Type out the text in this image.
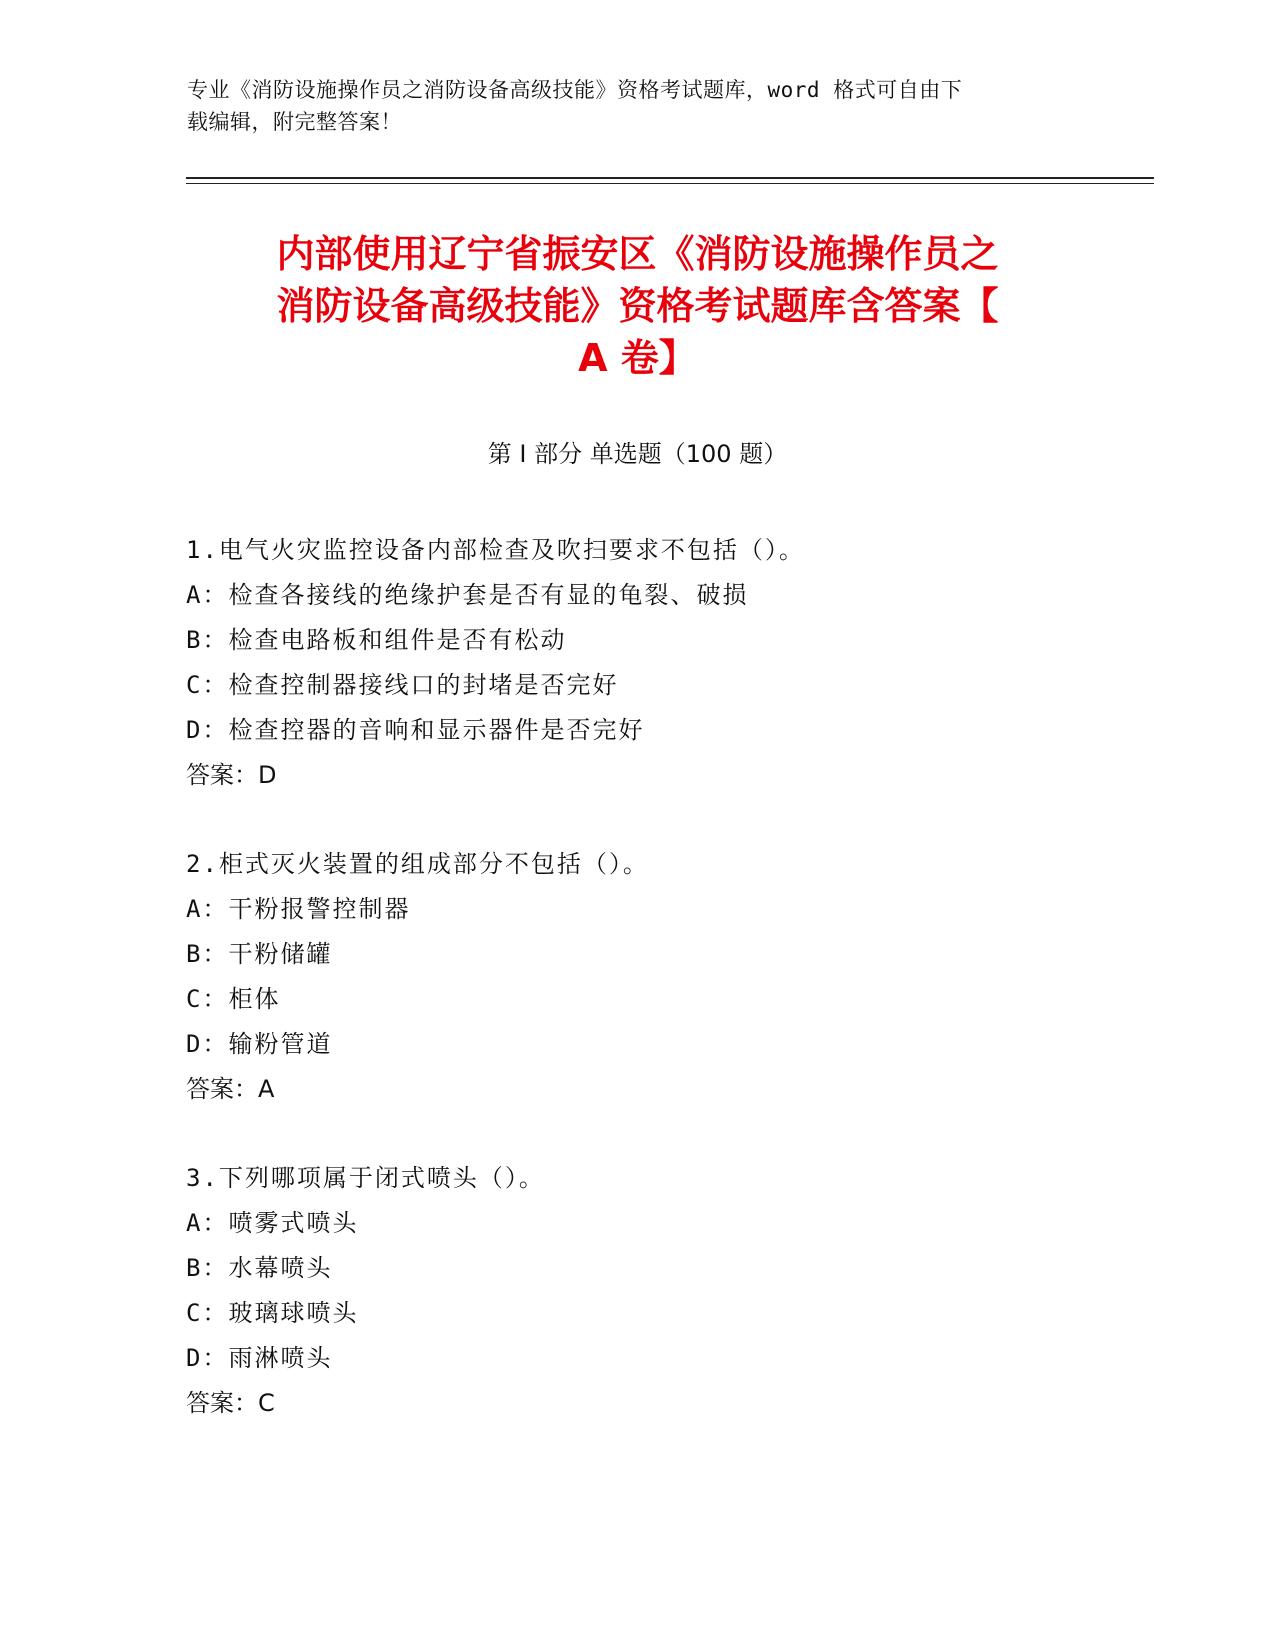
专业《消防设施操作员之消防设备高级技能》资格考试题库，word 格式可自由下
载编辑，附完整答案！
内部使用辽宁省振安区《消防设施操作员之
消防设备高级技能》资格考试题库含答案【
A 卷】
第 I 部分 单选题（100 题）
1.电气火灾监控设备内部检查及吹扫要求不包括（）。
A：检查各接线的绝缘护套是否有显的龟裂、破损
B：检查电路板和组件是否有松动
C：检查控制器接线口的封堵是否完好
D：检查控器的音响和显示器件是否完好
答案：D
2.柜式灭火装置的组成部分不包括（）。
A：干粉报警控制器
B：干粉储罐
C：柜体
D：输粉管道
答案：A
3.下列哪项属于闭式喷头（）。
A：喷雾式喷头
B：水幕喷头
C：玻璃球喷头
D：雨淋喷头
答案：C
